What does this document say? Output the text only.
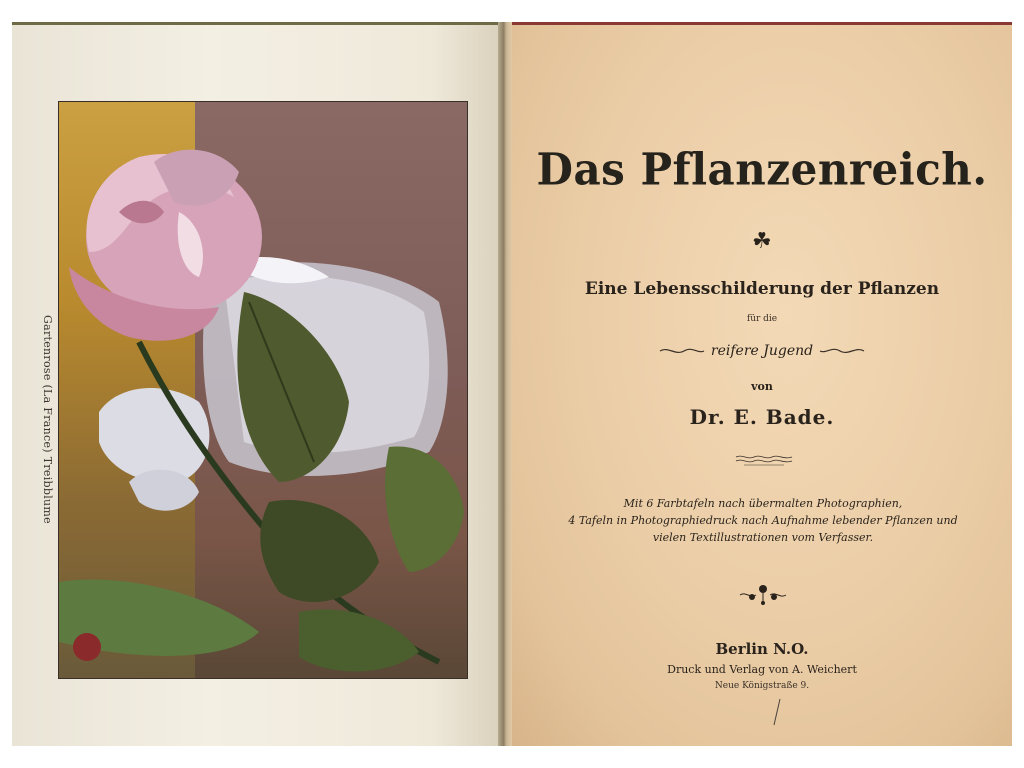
Gartenrose (La France) Treibblume
Das Pflanzenreich.
☘
Eine Lebensschilderung der Pflanzen
für die
reifere Jugend
von
Dr. E. Bade.
Mit 6 Farbtafeln nach übermalten Photographien,
4 Tafeln in Photographiedruck nach Aufnahme lebender Pflanzen und
vielen Textillustrationen vom Verfasser.
Berlin N.O.
Druck und Verlag von A. Weichert
Neue Königstraße 9.
